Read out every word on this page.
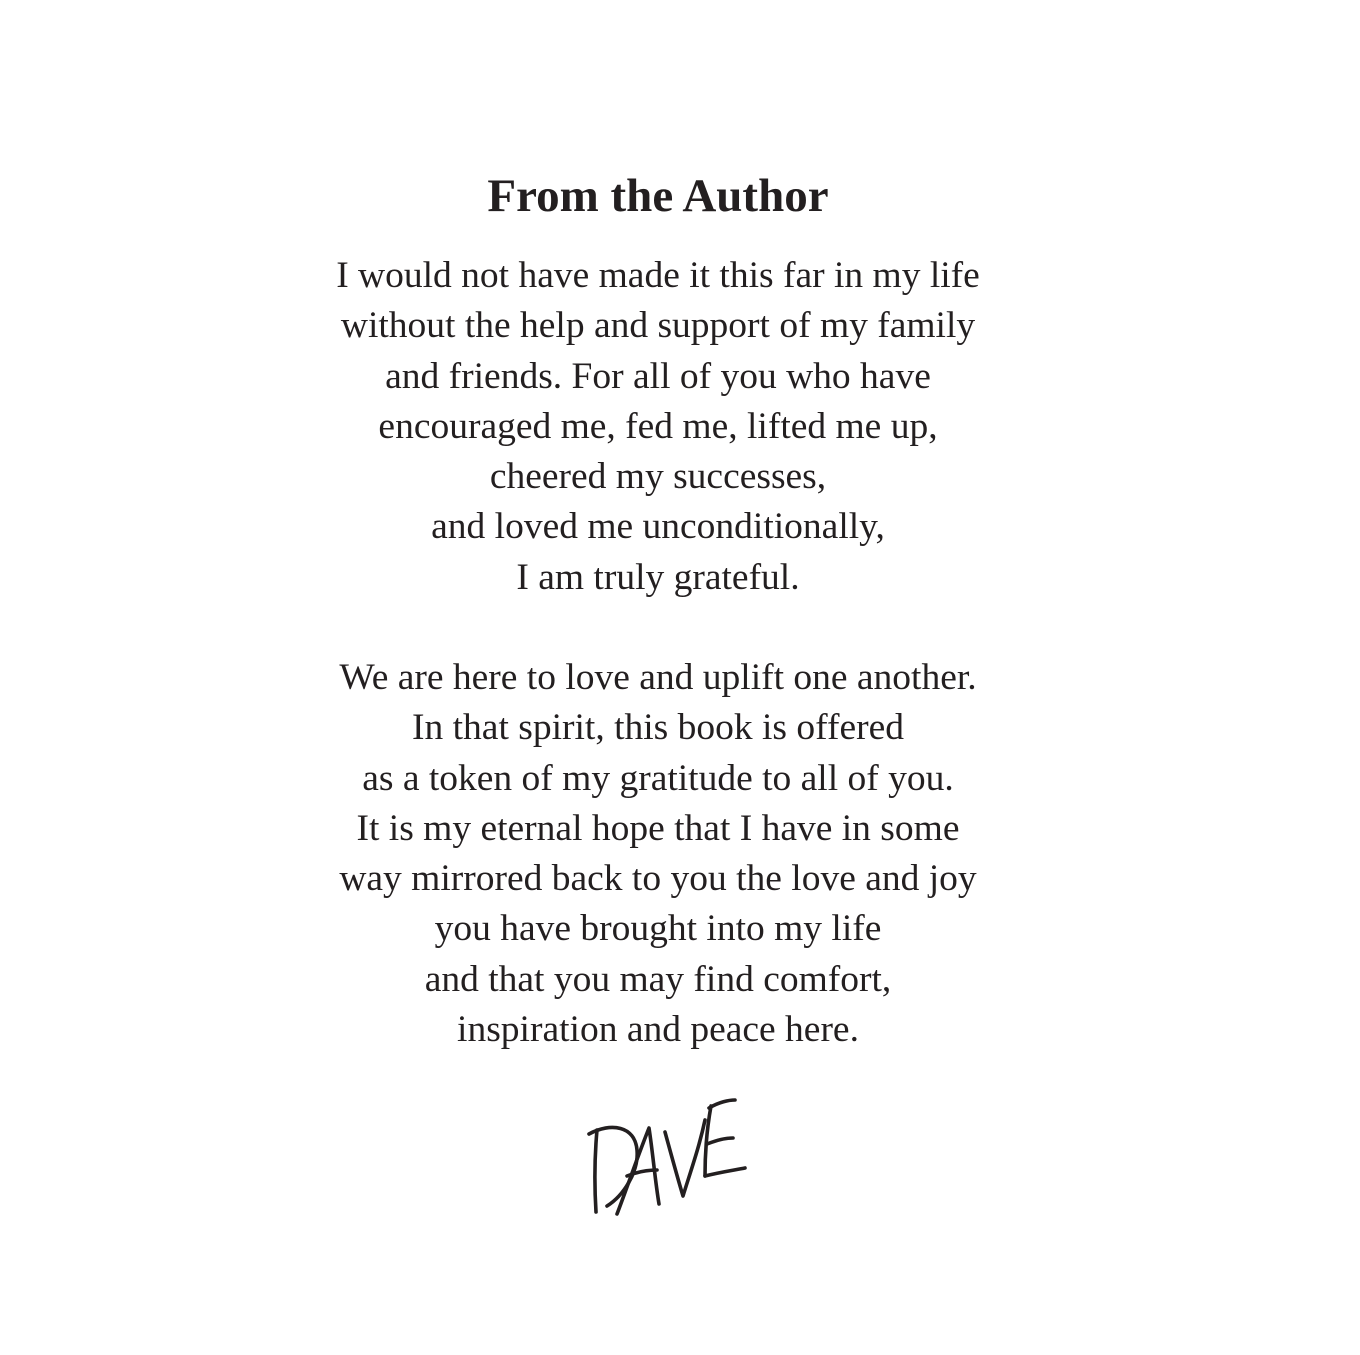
From the Author
I would not have made it this far in my life
without the help and support of my family
and friends. For all of you who have
encouraged me, fed me, lifted me up,
cheered my successes,
and loved me unconditionally,
I am truly grateful.
We are here to love and uplift one another.
In that spirit, this book is offered
as a token of my gratitude to all of you.
It is my eternal hope that I have in some
way mirrored back to you the love and joy
you have brought into my life
and that you may find comfort,
inspiration and peace here.
